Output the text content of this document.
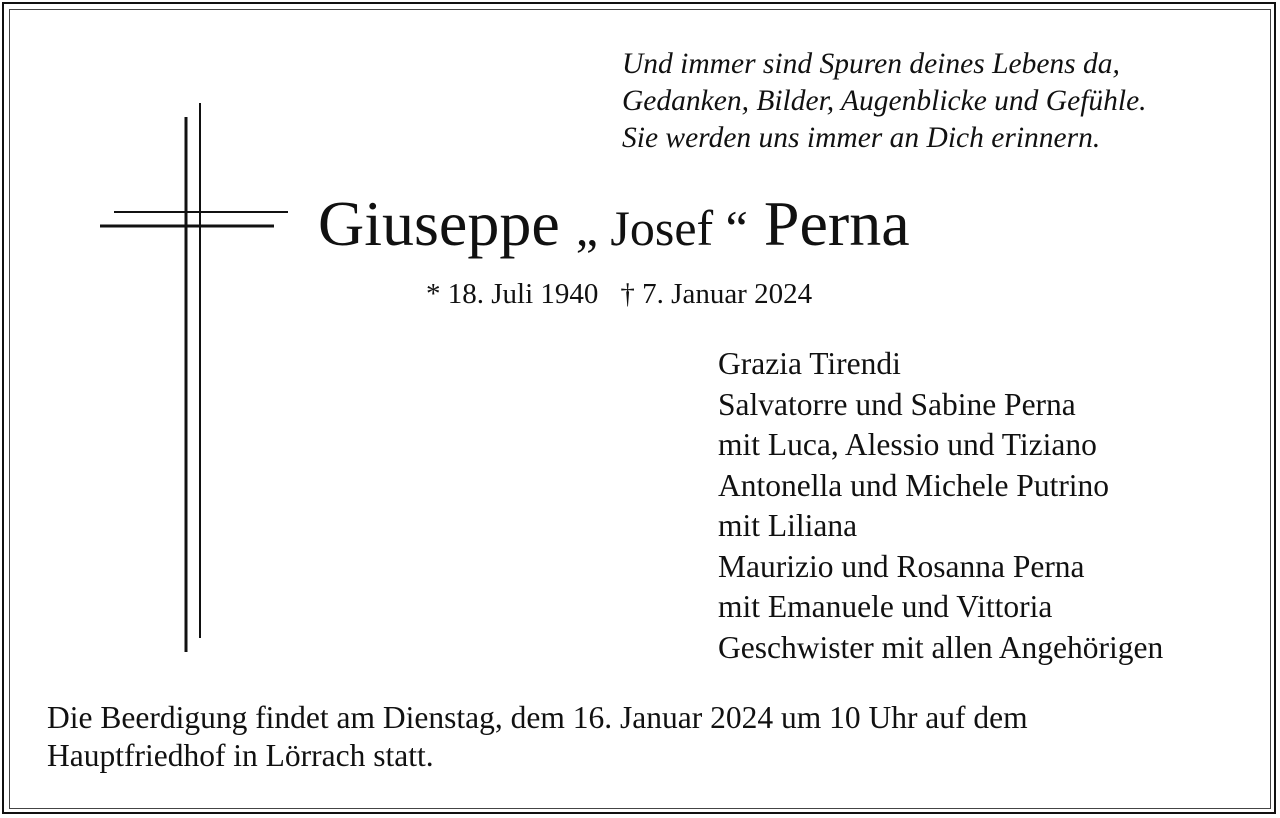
Und immer sind Spuren deines Lebens da,
Gedanken, Bilder, Augenblicke und Gefühle.
Sie werden uns immer an Dich erinnern.
Giuseppe „ Josef “ Perna
* 18. Juli 1940 † 7. Januar 2024
Grazia Tirendi
Salvatorre und Sabine Perna
mit Luca, Alessio und Tiziano
Antonella und Michele Putrino
mit Liliana
Maurizio und Rosanna Perna
mit Emanuele und Vittoria
Geschwister mit allen Angehörigen
Die Beerdigung findet am Dienstag, dem 16. Januar 2024 um 10 Uhr auf dem
Hauptfriedhof in Lörrach statt.
